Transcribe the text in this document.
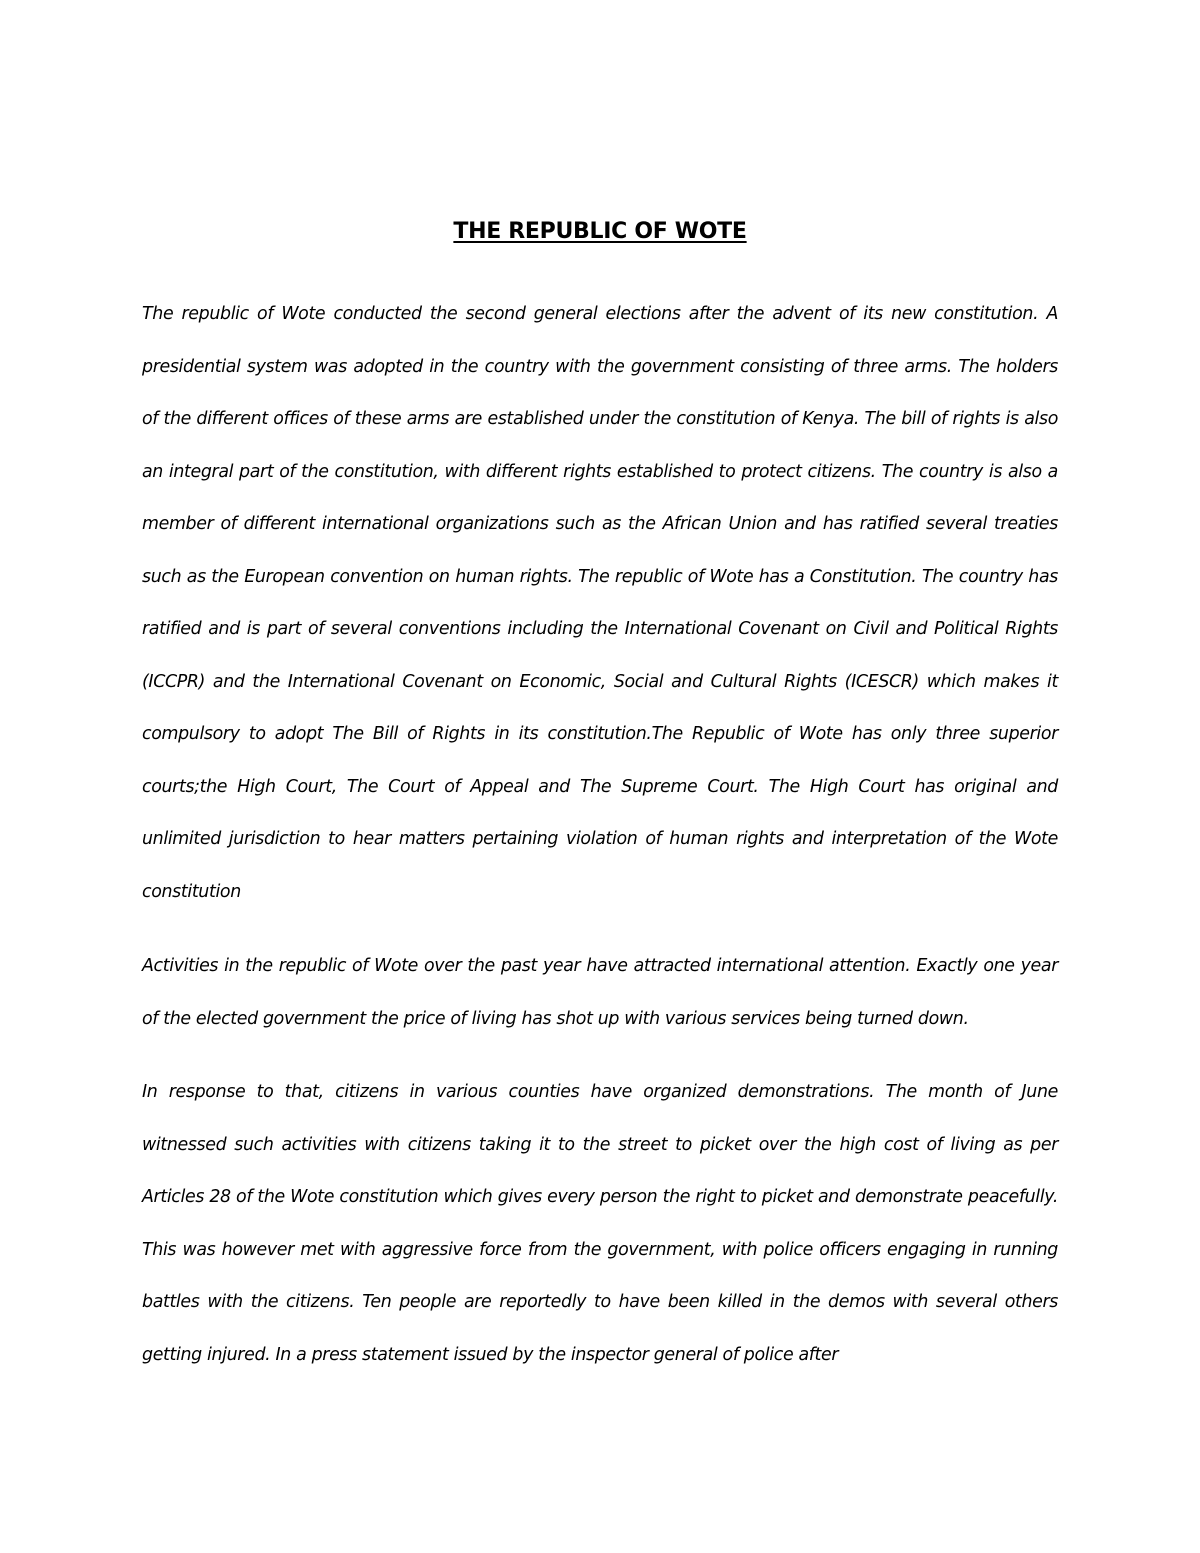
THE REPUBLIC OF WOTE

The republic of Wote conducted the second general elections after the advent of its new constitution. A presidential system was adopted in the country with the government consisting of three arms. The holders of the different offices of these arms are established under the constitution of Kenya. The bill of rights is also an integral part of the constitution, with different rights established to protect citizens. The country is also a member of different international organizations such as the African Union and has ratified several treaties such as the European convention on human rights. The republic of Wote has a Constitution. The country has ratified and is part of several conventions including the International Covenant on Civil and Political Rights (ICCPR) and the International Covenant on Economic, Social and Cultural Rights (ICESCR) which makes it compulsory to adopt The Bill of Rights in its constitution.The Republic of Wote has only three superior courts;the High Court, The Court of Appeal and The Supreme Court. The High Court has original and unlimited jurisdiction to hear matters pertaining violation of human rights and interpretation of the Wote constitution

Activities in the republic of Wote over the past year have attracted international attention. Exactly one year of the elected government the price of living has shot up with various services being turned down.

In response to that, citizens in various counties have organized demonstrations. The month of June witnessed such activities with citizens taking it to the street to picket over the high cost of living as per Articles 28 of the Wote constitution which gives every person the right to picket and demonstrate peacefully. This was however met with aggressive force from the government, with police officers engaging in running battles with the citizens. Ten people are reportedly to have been killed in the demos with several others getting injured. In a press statement issued by the inspector general of police after
